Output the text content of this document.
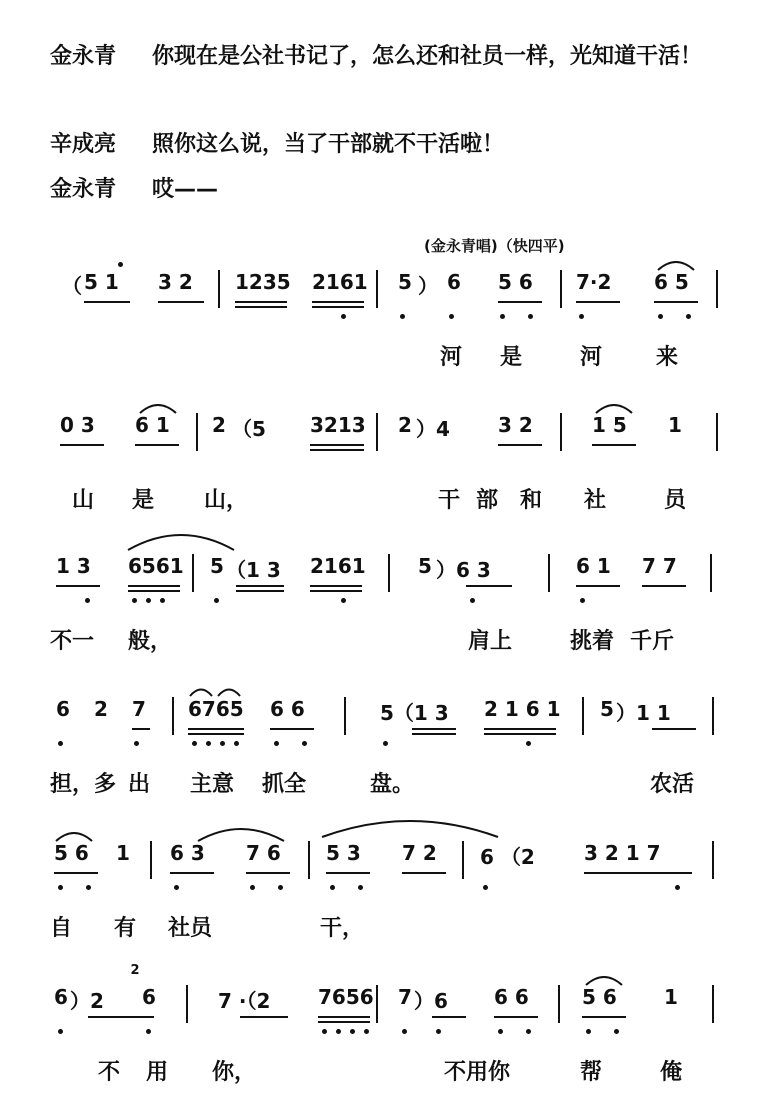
金永青 你现在是公社书记了，怎么还和社员一样，光知道干活！
辛成亮 照你这么说，当了干部就不干活啦！
金永青 哎——
(金永青唱)（快四平)
（ 5 1 3 2 1235 2161 5 ） 6 5 6 7·2 6 5
河 是	河 来
0 3 6 1 2 （5 3213 2 ）4 3 2	1 5 1
山 是 山，	干 部 和 社	员
1 3 6561 5 （1 3 2161	5 ）6 3	6 1 7 7
不一 般，	肩上	挑着 千斤
6 2 7 6765 6 6	5（1 3 2 1 6 1 5 ）1 1
担，多 出 主意 抓全	盘。	农活
5 6 1 6 3 7 6 5 3 7 2 6 （2 3 2 1 7
自 有 社员	干，
2
6 ）2 6	7 ·（2 7656 7 ）6 6 6	5 6 1
不 用 你，	不用你	帮	俺
